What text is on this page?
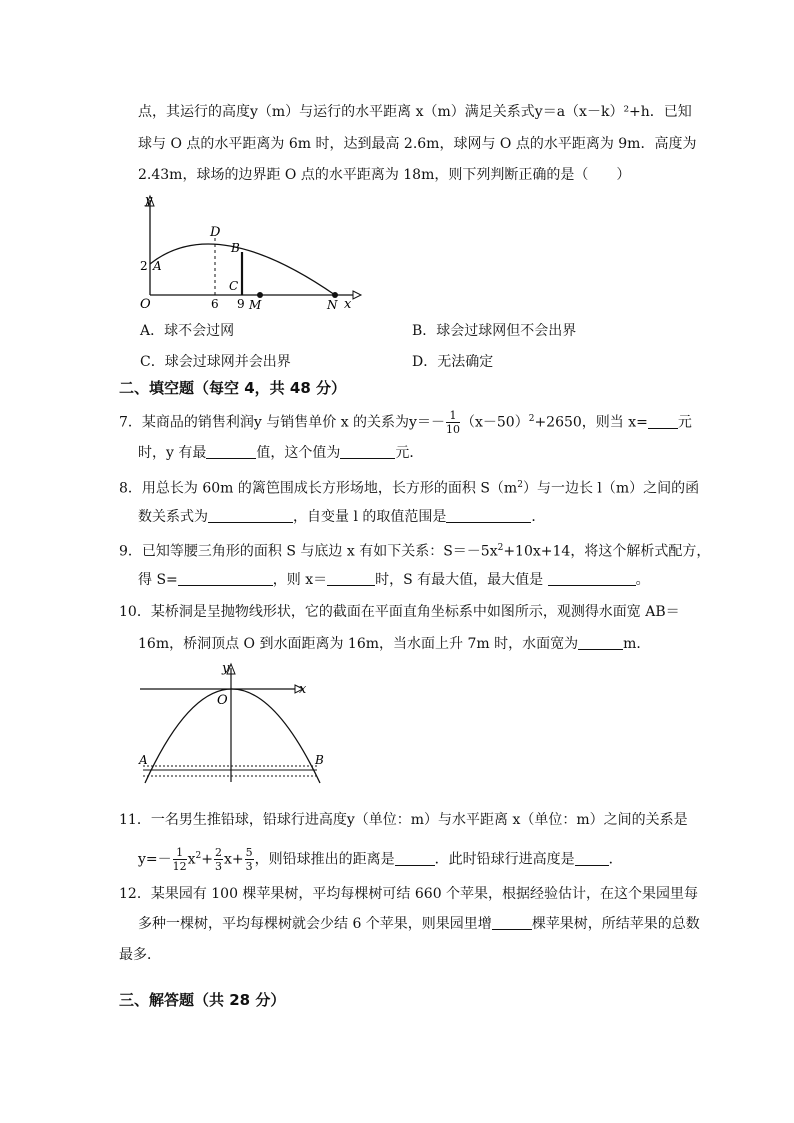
点，其运行的高度y（m）与运行的水平距离 x（m）满足关系式y＝a（x－k）²+h．已知
球与 O 点的水平距离为 6m 时，达到最高 2.6m，球网与 O 点的水平距离为 9m．高度为
2.43m，球场的边界距 O 点的水平距离为 18m，则下列判断正确的是（　　）
y
x
O
D
2 A
B
C
6 9 M	N
A．球不会过网	B．球会过球网但不会出界
C．球会过球网并会出界	D．无法确定
二、填空题（每空 4，共 48 分）
7．某商品的销售利润y 与销售单价 x 的关系为$y=- \frac{1}{10} (x-50)^2+2650$，则当 x= 元
时，y 有最	值，这个值为	元．
8．用总长为 60m 的篱笆围成长方形场地，长方形的面积 $S(m^2)$与一边长 l（m）之间的函
数关系式为	，自变量 l 的取值范围是	．
9．已知等腰三角形的面积 S 与底边 x 有如下关系：$S=-5x^2+10x+14$，将这个解析式配方，
得 S=	，则 x＝	时，S 有最大值，最大值是	。
10．某桥洞是呈抛物线形状，它的截面在平面直角坐标系中如图所示，观测得水面宽 AB＝
16m，桥洞顶点 O 到水面距离为 16m，当水面上升 7m 时，水面宽为	m．
y
x
O
A	B
11．一名男生推铅球，铅球行进高度y（单位：m）与水平距离 x（单位：m）之间的关系是
$y=- \frac{1}{12} x^2+ \frac{2}{3} x+ \frac{5}{3}$ ，则铅球推出的距离是	．此时铅球行进高度是 ．
12．某果园有 100 棵苹果树，平均每棵树可结 660 个苹果，根据经验估计，在这个果园里每
多种一棵树，平均每棵树就会少结 6 个苹果，则果园里增	棵苹果树，所结苹果的总数
最多．
三、解答题（共 28 分）
